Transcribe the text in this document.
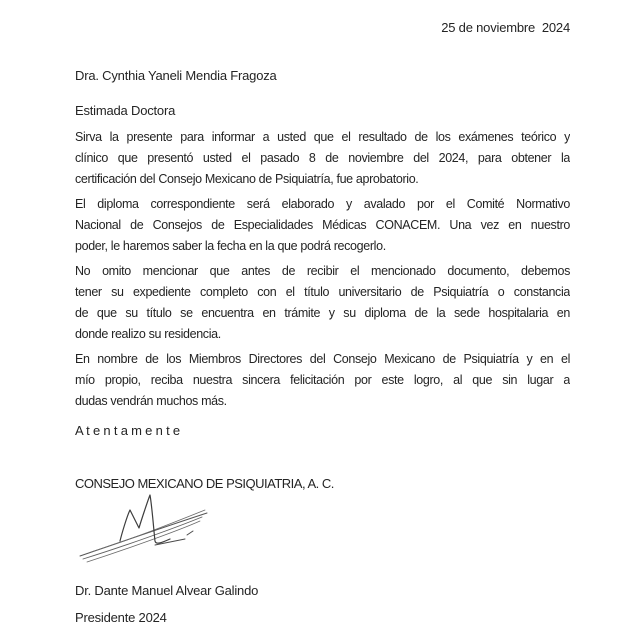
25 de noviembre  2024
Dra. Cynthia Yaneli Mendia Fragoza
Estimada Doctora
Sirva la presente para informar a usted que el resultado de los exámenes teórico y
clínico que presentó usted el pasado 8 de noviembre del 2024, para obtener la
certificación del Consejo Mexicano de Psiquiatría, fue aprobatorio.
El diploma correspondiente será elaborado y avalado por el Comité Normativo
Nacional de Consejos de Especialidades Médicas CONACEM. Una vez en nuestro
poder, le haremos saber la fecha en la que podrá recogerlo.
No omito mencionar que antes de recibir el mencionado documento, debemos
tener su expediente completo con el título universitario de Psiquiatría o constancia
de que su título se encuentra en trámite y su diploma de la sede hospitalaria en
donde realizo su residencia.
En nombre de los Miembros Directores del Consejo Mexicano de Psiquiatría y en el
mío propio, reciba nuestra sincera felicitación por este logro, al que sin lugar a
dudas vendrán muchos más.
A t e n t a m e n t e
CONSEJO MEXICANO DE PSIQUIATRIA, A. C.
Dr. Dante Manuel Alvear Galindo
Presidente 2024
